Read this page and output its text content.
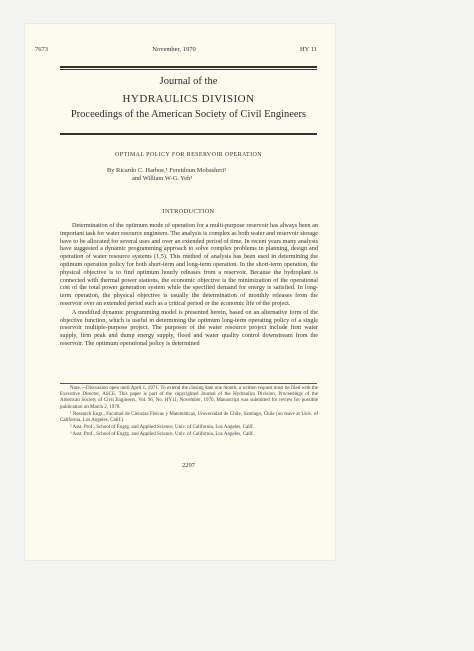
7673	November, 1970	HY 11
Journal of the
HYDRAULICS DIVISION
Proceedings of the American Society of Civil Engineers
OPTIMAL POLICY FOR RESERVOIR OPERATION
By Ricardo C. Harboe,¹ Fereidoun Mobasheri²
and William W-G. Yeh³
INTRODUCTION

Determination of the optimum mode of operation for a multi-purpose reservoir has always been an important task for water resource engineers. The analysis is complex as both water and reservoir storage have to be allocated for several uses and over an extended period of time. In recent years many analysts have suggested a dynamic programming approach to solve complex problems in planning, design and operation of water resource systems (1,5). This method of analysis has been used in determining the optimum operation policy for both short-term and long-term operation. In the short-term operation, the physical objective is to find optimum hourly releases from a reservoir. Because the hydroplant is connected with thermal power stations, the economic objective is the minimization of the operational cost of the total power generation system while the specified demand for energy is satisfied. In long-term operation, the physical objective is usually the determination of monthly releases from the reservoir over an extended period such as a critical period or the economic life of the project.

A modified dynamic programming model is presented herein, based on an alternative form of the objective function, which is useful in determining the optimum long-term operating policy of a single reservoir multiple-purpose project. The purposes of the water resource project include firm water supply, firm peak and dump energy supply, flood and water quality control downstream from the reservoir. The optimum operational policy is determined

Note.—Discussion open until April 1, 1971. To extend the closing date one month, a written request must be filed with the Executive Director, ASCE. This paper is part of the copyrighted Journal of the Hydraulics Division, Proceedings of the American Society of Civil Engineers, Vol. 96, No. HY11, November, 1970. Manuscript was submitted for review for possible publication on March 2, 1970.

¹ Research Engr., Facultad de Ciencias Físicas y Matemáticas, Universidad de Chile, Santiago, Chile (on leave at Univ. of California, Los Angeles, Calif.).

² Asst. Prof., School of Engrg. and Applied Science, Univ. of California, Los Angeles, Calif.

³ Asst. Prof., School of Engrg. and Applied Science, Univ. of California, Los Angeles, Calif.

2297
